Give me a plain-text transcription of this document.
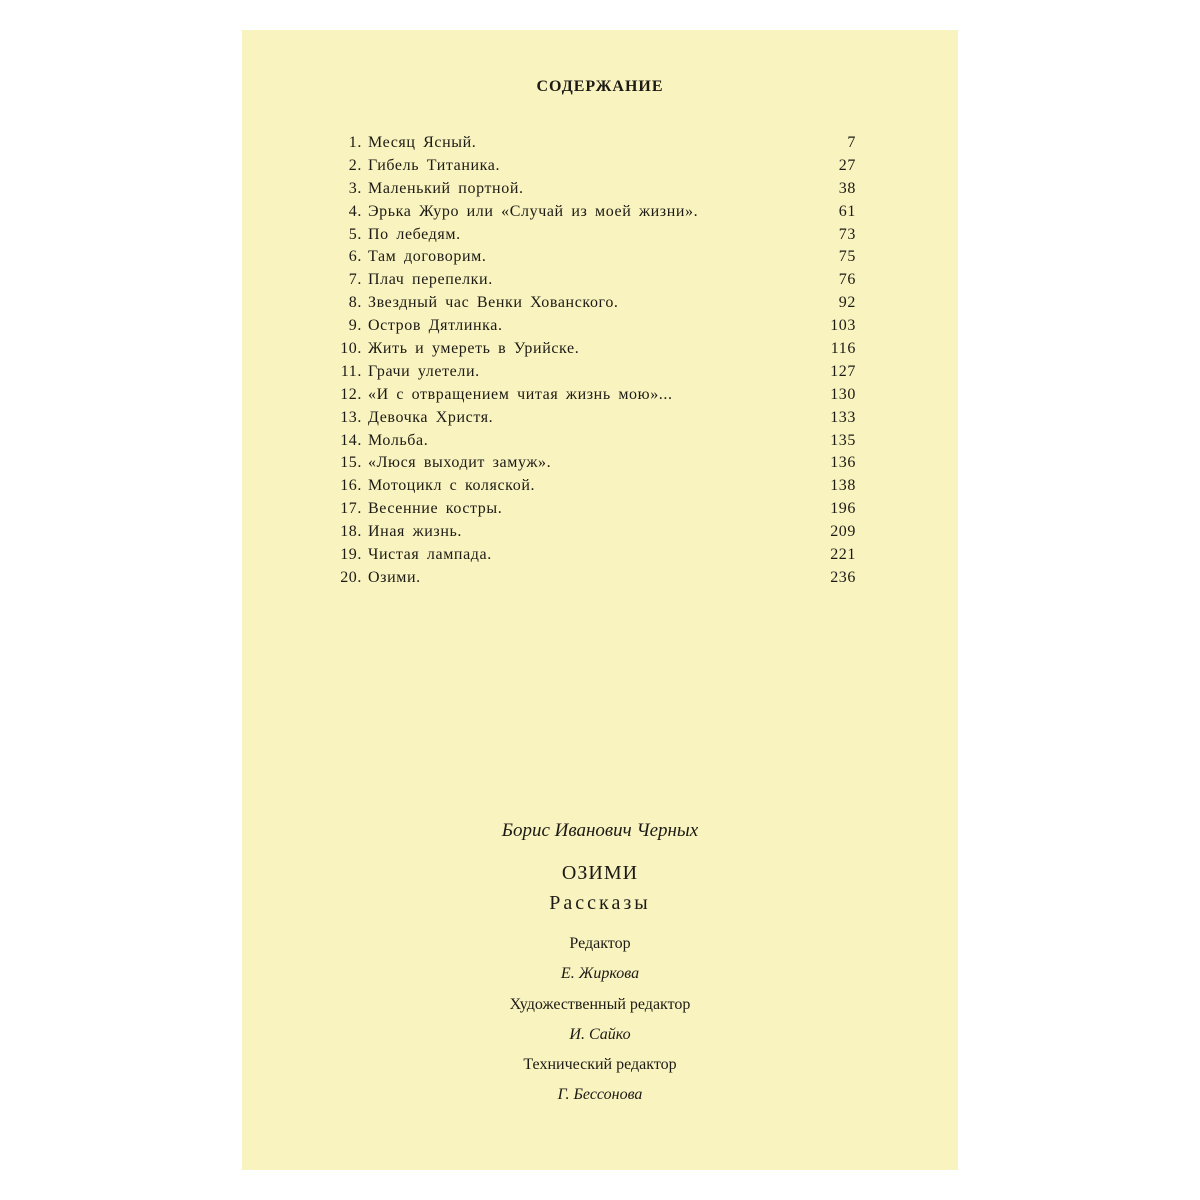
СОДЕРЖАНИЕ
1. Месяц Ясный.	7
2. Гибель Титаника.	27
3. Маленький портной.	38
4. Эрька Журо или «Случай из моей жизни».	61
5. По лебедям.	73
6. Там договорим.	75
7. Плач перепелки.	76
8. Звездный час Венки Хованского.	92
9. Остров Дятлинка.	103
10. Жить и умереть в Урийске.	116
11. Грачи улетели.	127
12. «И с отвращением читая жизнь мою»...	130
13. Девочка Христя.	133
14. Мольба.	135
15. «Люся выходит замуж».	136
16. Мотоцикл с коляской.	138
17. Весенние костры.	196
18. Иная жизнь.	209
19. Чистая лампада.	221
20. Озими.	236
Борис Иванович Черных
ОЗИМИ
Рассказы
Редактор
Е. Жиркова
Художественный редактор
И. Сайко
Технический редактор
Г. Бессонова
